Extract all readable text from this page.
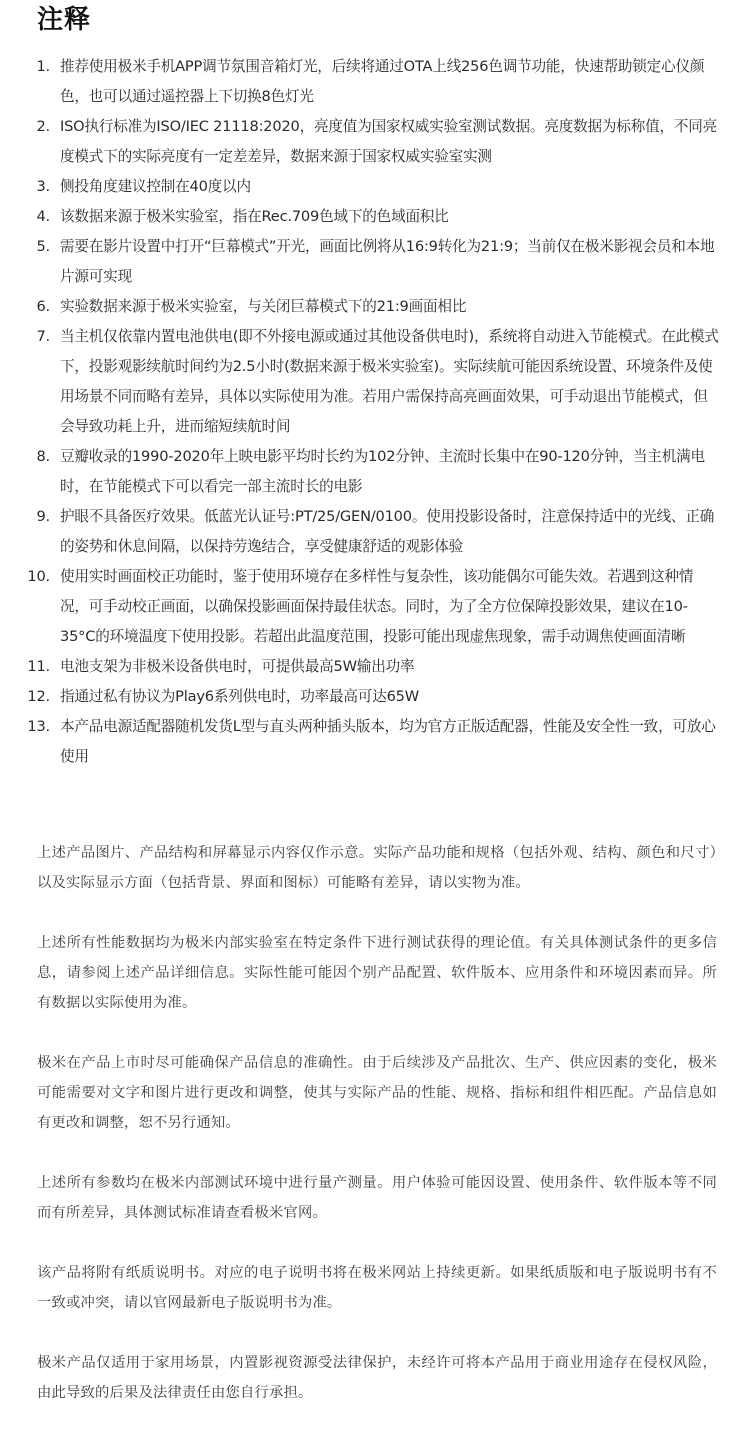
注释
1. 推荐使用极米手机APP调节氛围音箱灯光，后续将通过OTA上线256色调节功能，快速帮助锁定心仪颜色，也可以通过遥控器上下切换8色灯光
2. ISO执行标准为ISO/IEC 21118:2020，亮度值为国家权威实验室测试数据。亮度数据为标称值，不同亮度模式下的实际亮度有一定差差异，数据来源于国家权威实验室实测
3. 侧投角度建议控制在40度以内
4. 该数据来源于极米实验室，指在Rec.709色域下的色域面积比
5. 需要在影片设置中打开“巨幕模式”开光，画面比例将从16:9转化为21:9；当前仅在极米影视会员和本地片源可实现
6. 实验数据来源于极米实验室，与关闭巨幕模式下的21:9画面相比
7. 当主机仅依靠内置电池供电(即不外接电源或通过其他设备供电时)，系统将自动进入节能模式。在此模式下，投影观影续航时间约为2.5小时(数据来源于极米实验室)。实际续航可能因系统设置、环境条件及使用场景不同而略有差异，具体以实际使用为准。若用户需保持高亮画面效果，可手动退出节能模式，但会导致功耗上升，进而缩短续航时间
8. 豆瓣收录的1990-2020年上映电影平均时长约为102分钟、主流时长集中在90-120分钟，当主机满电时，在节能模式下可以看完一部主流时长的电影
9. 护眼不具备医疗效果。低蓝光认证号:PT/25/GEN/0100。使用投影设备时，注意保持适中的光线、正确的姿势和休息间隔，以保持劳逸结合，享受健康舒适的观影体验
10. 使用实时画面校正功能时，鉴于使用环境存在多样性与复杂性，该功能偶尔可能失效。若遇到这种情况，可手动校正画面，以确保投影画面保持最佳状态。同时，为了全方位保障投影效果，建议在10-35°C的环境温度下使用投影。若超出此温度范围，投影可能出现虚焦现象，需手动调焦使画面清晰
11. 电池支架为非极米设备供电时，可提供最高5W输出功率
12. 指通过私有协议为Play6系列供电时，功率最高可达65W
13. 本产品电源适配器随机发货L型与直头两种插头版本，均为官方正版适配器，性能及安全性一致，可放心使用

上述产品图片、产品结构和屏幕显示内容仅作示意。实际产品功能和规格（包括外观、结构、颜色和尺寸）以及实际显示方面（包括背景、界面和图标）可能略有差异，请以实物为准。

上述所有性能数据均为极米内部实验室在特定条件下进行测试获得的理论值。有关具体测试条件的更多信息，请参阅上述产品详细信息。实际性能可能因个别产品配置、软件版本、应用条件和环境因素而异。所有数据以实际使用为准。

极米在产品上市时尽可能确保产品信息的准确性。由于后续涉及产品批次、生产、供应因素的变化，极米可能需要对文字和图片进行更改和调整，使其与实际产品的性能、规格、指标和组件相匹配。产品信息如有更改和调整，恕不另行通知。

上述所有参数均在极米内部测试环境中进行量产测量。用户体验可能因设置、使用条件、软件版本等不同而有所差异，具体测试标准请查看极米官网。

该产品将附有纸质说明书。对应的电子说明书将在极米网站上持续更新。如果纸质版和电子版说明书有不一致或冲突，请以官网最新电子版说明书为准。

极米产品仅适用于家用场景，内置影视资源受法律保护，未经许可将本产品用于商业用途存在侵权风险，由此导致的后果及法律责任由您自行承担。
